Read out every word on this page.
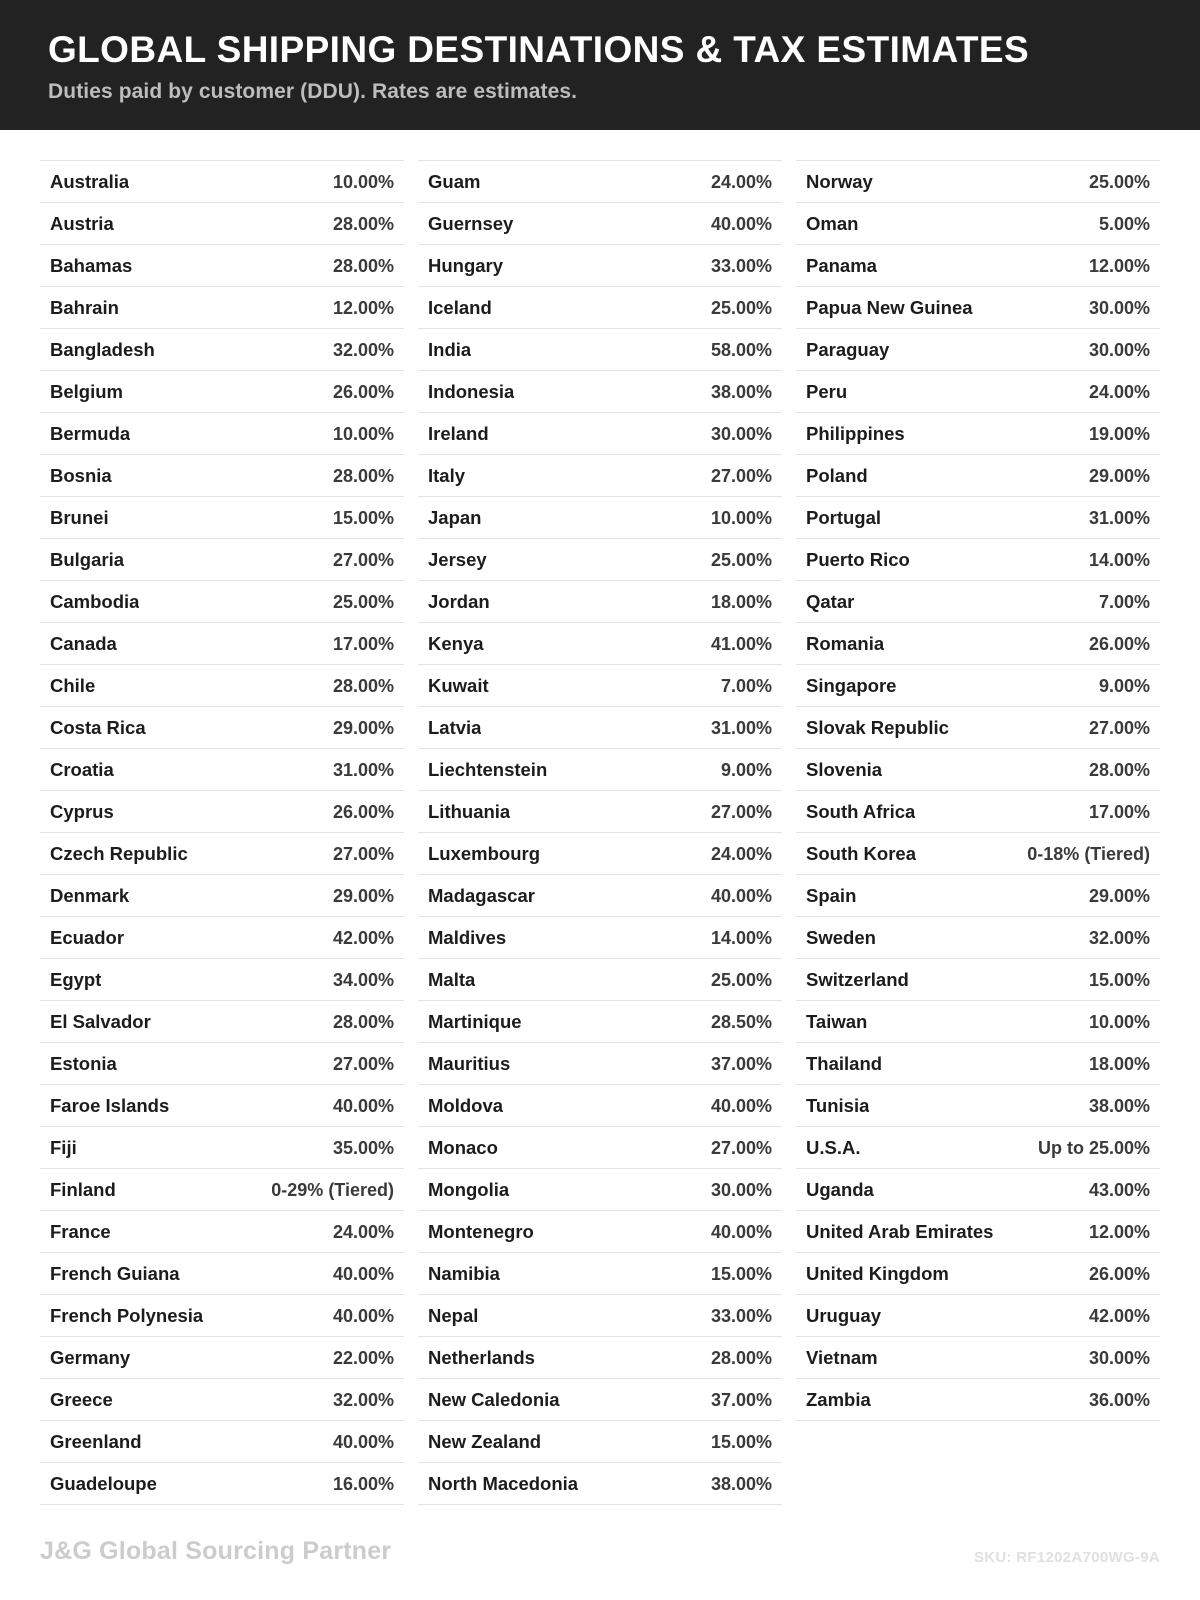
GLOBAL SHIPPING DESTINATIONS & TAX ESTIMATES

Duties paid by customer (DDU). Rates are estimates.

Australia	10.00%
Austria	28.00%
Bahamas	28.00%
Bahrain	12.00%
Bangladesh	32.00%
Belgium	26.00%
Bermuda	10.00%
Bosnia	28.00%
Brunei	15.00%
Bulgaria	27.00%
Cambodia	25.00%
Canada	17.00%
Chile	28.00%
Costa Rica	29.00%
Croatia	31.00%
Cyprus	26.00%
Czech Republic	27.00%
Denmark	29.00%
Ecuador	42.00%
Egypt	34.00%
El Salvador	28.00%
Estonia	27.00%
Faroe Islands	40.00%
Fiji	35.00%
Finland	0-29% (Tiered)
France	24.00%
French Guiana	40.00%
French Polynesia	40.00%
Germany	22.00%
Greece	32.00%
Greenland	40.00%
Guadeloupe	16.00%
Guam	24.00%
Guernsey	40.00%
Hungary	33.00%
Iceland	25.00%
India	58.00%
Indonesia	38.00%
Ireland	30.00%
Italy	27.00%
Japan	10.00%
Jersey	25.00%
Jordan	18.00%
Kenya	41.00%
Kuwait	7.00%
Latvia	31.00%
Liechtenstein	9.00%
Lithuania	27.00%
Luxembourg	24.00%
Madagascar	40.00%
Maldives	14.00%
Malta	25.00%
Martinique	28.50%
Mauritius	37.00%
Moldova	40.00%
Monaco	27.00%
Mongolia	30.00%
Montenegro	40.00%
Namibia	15.00%
Nepal	33.00%
Netherlands	28.00%
New Caledonia	37.00%
New Zealand	15.00%
North Macedonia	38.00%
Norway	25.00%
Oman	5.00%
Panama	12.00%
Papua New Guinea	30.00%
Paraguay	30.00%
Peru	24.00%
Philippines	19.00%
Poland	29.00%
Portugal	31.00%
Puerto Rico	14.00%
Qatar	7.00%
Romania	26.00%
Singapore	9.00%
Slovak Republic	27.00%
Slovenia	28.00%
South Africa	17.00%
South Korea	0-18% (Tiered)
Spain	29.00%
Sweden	32.00%
Switzerland	15.00%
Taiwan	10.00%
Thailand	18.00%
Tunisia	38.00%
U.S.A.	Up to 25.00%
Uganda	43.00%
United Arab Emirates	12.00%
United Kingdom	26.00%
Uruguay	42.00%
Vietnam	30.00%
Zambia	36.00%
J&G Global Sourcing Partner	SKU: RF1202A700WG-9A
